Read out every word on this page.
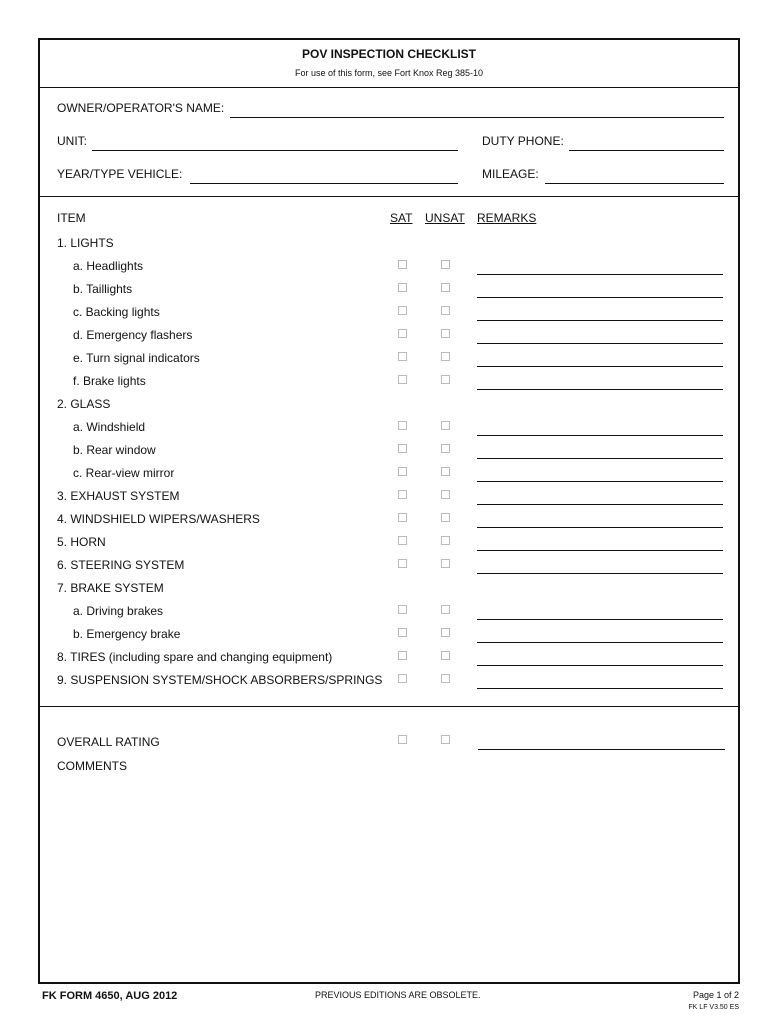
POV INSPECTION CHECKLIST
For use of this form, see Fort Knox Reg 385-10
OWNER/OPERATOR'S NAME:
UNIT:	DUTY PHONE:
YEAR/TYPE VEHICLE:	MILEAGE:
ITEM	SAT UNSAT REMARKS
1. LIGHTS
a. Headlights
b. Taillights
c. Backing lights
d. Emergency flashers
e. Turn signal indicators
f. Brake lights
2. GLASS
a. Windshield
b. Rear window
c. Rear-view mirror
3. EXHAUST SYSTEM
4. WINDSHIELD WIPERS/WASHERS
5. HORN
6. STEERING SYSTEM
7. BRAKE SYSTEM
a. Driving brakes
b. Emergency brake
8. TIRES (including spare and changing equipment)
9. SUSPENSION SYSTEM/SHOCK ABSORBERS/SPRINGS
OVERALL RATING
COMMENTS
FK FORM 4650, AUG 2012	PREVIOUS EDITIONS ARE OBSOLETE.	Page 1 of 2
FK LF V3.50 ES
